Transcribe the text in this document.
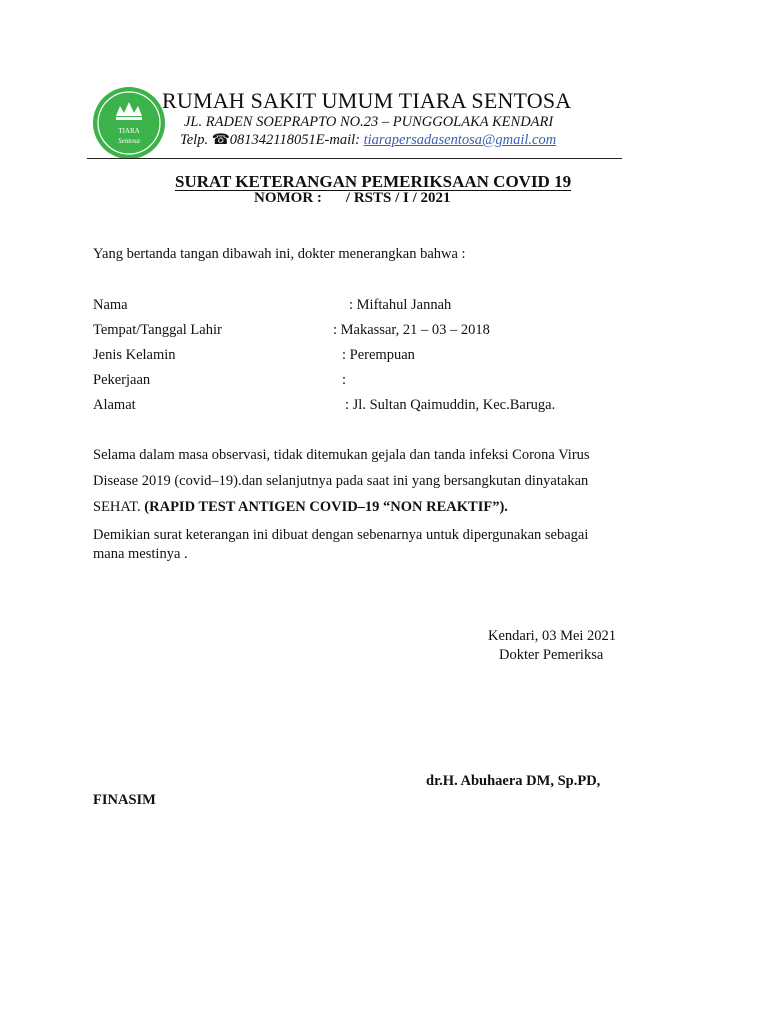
TIARA
Sentosa
RUMAH SAKIT UMUM TIARA SENTOSA
JL. RADEN SOEPRAPTO NO.23 – PUNGGOLAKA KENDARI
Telp. ☎081342118051E-mail: tiarapersadasentosa@gmail.com
SURAT KETERANGAN PEMERIKSAAN COVID 19
NOMOR : / RSTS / I / 2021
Yang bertanda tangan dibawah ini, dokter menerangkan bahwa :
Nama	: Miftahul Jannah
Tempat/Tanggal Lahir	: Makassar, 21 – 03 – 2018
Jenis Kelamin	: Perempuan
Pekerjaan	:
Alamat	: Jl. Sultan Qaimuddin, Kec.Baruga.
Selama dalam masa observasi, tidak ditemukan gejala dan tanda infeksi Corona Virus
Disease 2019 (covid–19).dan selanjutnya pada saat ini yang bersangkutan dinyatakan
SEHAT. (RAPID TEST ANTIGEN COVID–19 “NON REAKTIF”).
Demikian surat keterangan ini dibuat dengan sebenarnya untuk dipergunakan sebagai
mana mestinya .
Kendari, 03 Mei 2021
Dokter Pemeriksa
dr.H. Abuhaera DM, Sp.PD,
FINASIM
